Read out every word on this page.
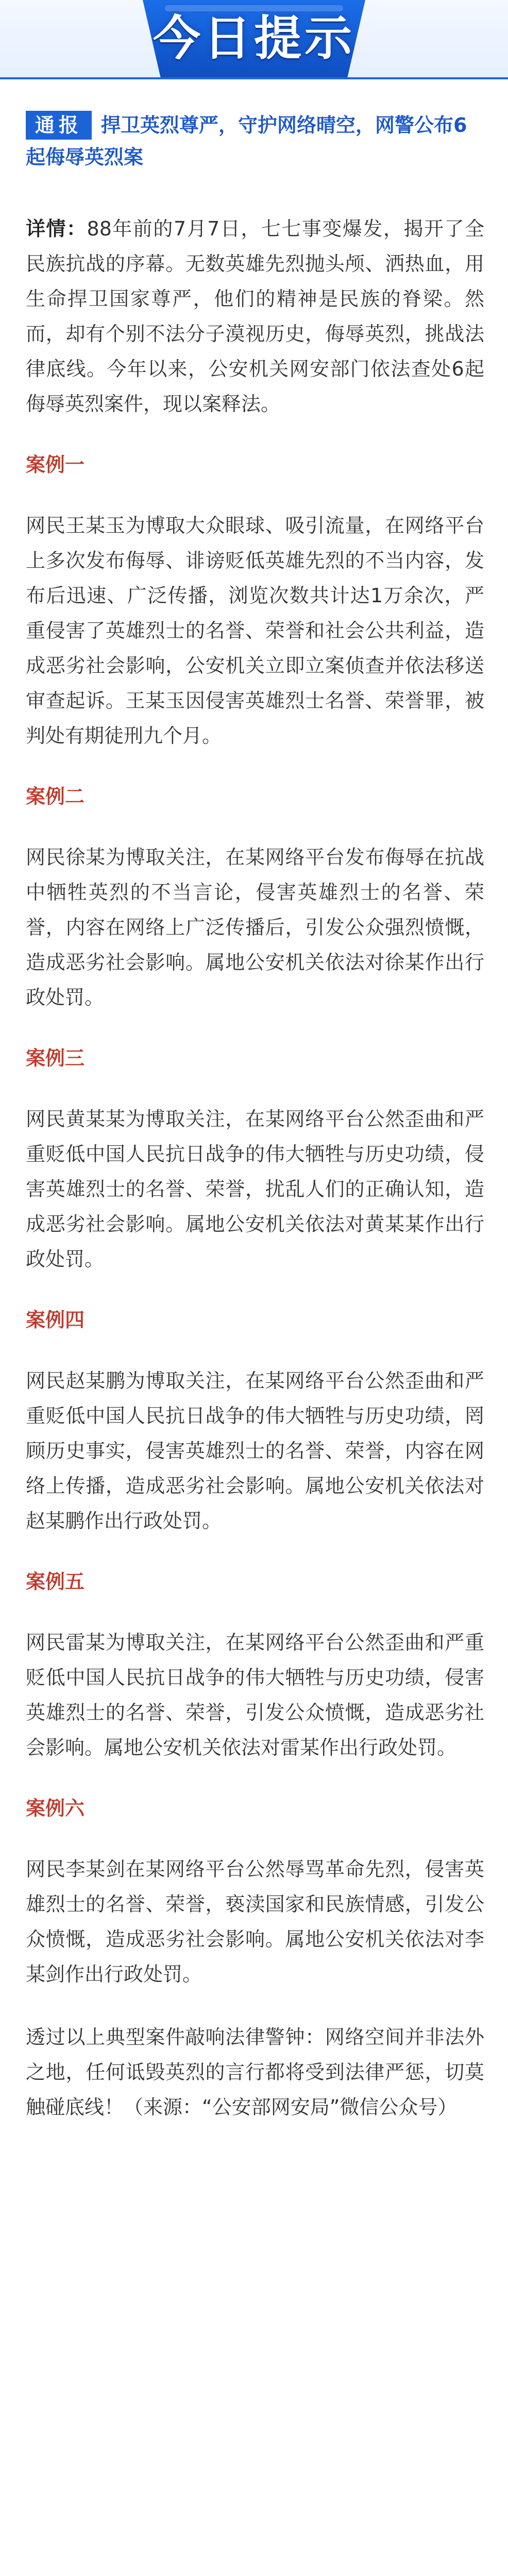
今日提示
通报 捍卫英烈尊严，守护网络晴空，网警公布6起侮辱英烈案

详情：88年前的7月7日，七七事变爆发，揭开了全民族抗战的序幕。无数英雄先烈抛头颅、洒热血，用生命捍卫国家尊严，他们的精神是民族的脊梁。然而，却有个别不法分子漠视历史，侮辱英烈，挑战法律底线。今年以来，公安机关网安部门依法查处6起侮辱英烈案件，现以案释法。

案例一

网民王某玉为博取大众眼球、吸引流量，在网络平台上多次发布侮辱、诽谤贬低英雄先烈的不当内容，发布后迅速、广泛传播，浏览次数共计达1万余次，严重侵害了英雄烈士的名誉、荣誉和社会公共利益，造成恶劣社会影响，公安机关立即立案侦查并依法移送审查起诉。王某玉因侵害英雄烈士名誉、荣誉罪，被判处有期徒刑九个月。

案例二

网民徐某为博取关注，在某网络平台发布侮辱在抗战中牺牲英烈的不当言论，侵害英雄烈士的名誉、荣誉，内容在网络上广泛传播后，引发公众强烈愤慨，造成恶劣社会影响。属地公安机关依法对徐某作出行政处罚。

案例三

网民黄某某为博取关注，在某网络平台公然歪曲和严重贬低中国人民抗日战争的伟大牺牲与历史功绩，侵害英雄烈士的名誉、荣誉，扰乱人们的正确认知，造成恶劣社会影响。属地公安机关依法对黄某某作出行政处罚。

案例四

网民赵某鹏为博取关注，在某网络平台公然歪曲和严重贬低中国人民抗日战争的伟大牺牲与历史功绩，罔顾历史事实，侵害英雄烈士的名誉、荣誉，内容在网络上传播，造成恶劣社会影响。属地公安机关依法对赵某鹏作出行政处罚。

案例五

网民雷某为博取关注，在某网络平台公然歪曲和严重贬低中国人民抗日战争的伟大牺牲与历史功绩，侵害英雄烈士的名誉、荣誉，引发公众愤慨，造成恶劣社会影响。属地公安机关依法对雷某作出行政处罚。

案例六

网民李某剑在某网络平台公然辱骂革命先烈，侵害英雄烈士的名誉、荣誉，亵渎国家和民族情感，引发公众愤慨，造成恶劣社会影响。属地公安机关依法对李某剑作出行政处罚。

透过以上典型案件敲响法律警钟：网络空间并非法外之地，任何诋毁英烈的言行都将受到法律严惩，切莫触碰底线！（来源：“公安部网安局”微信公众号）
